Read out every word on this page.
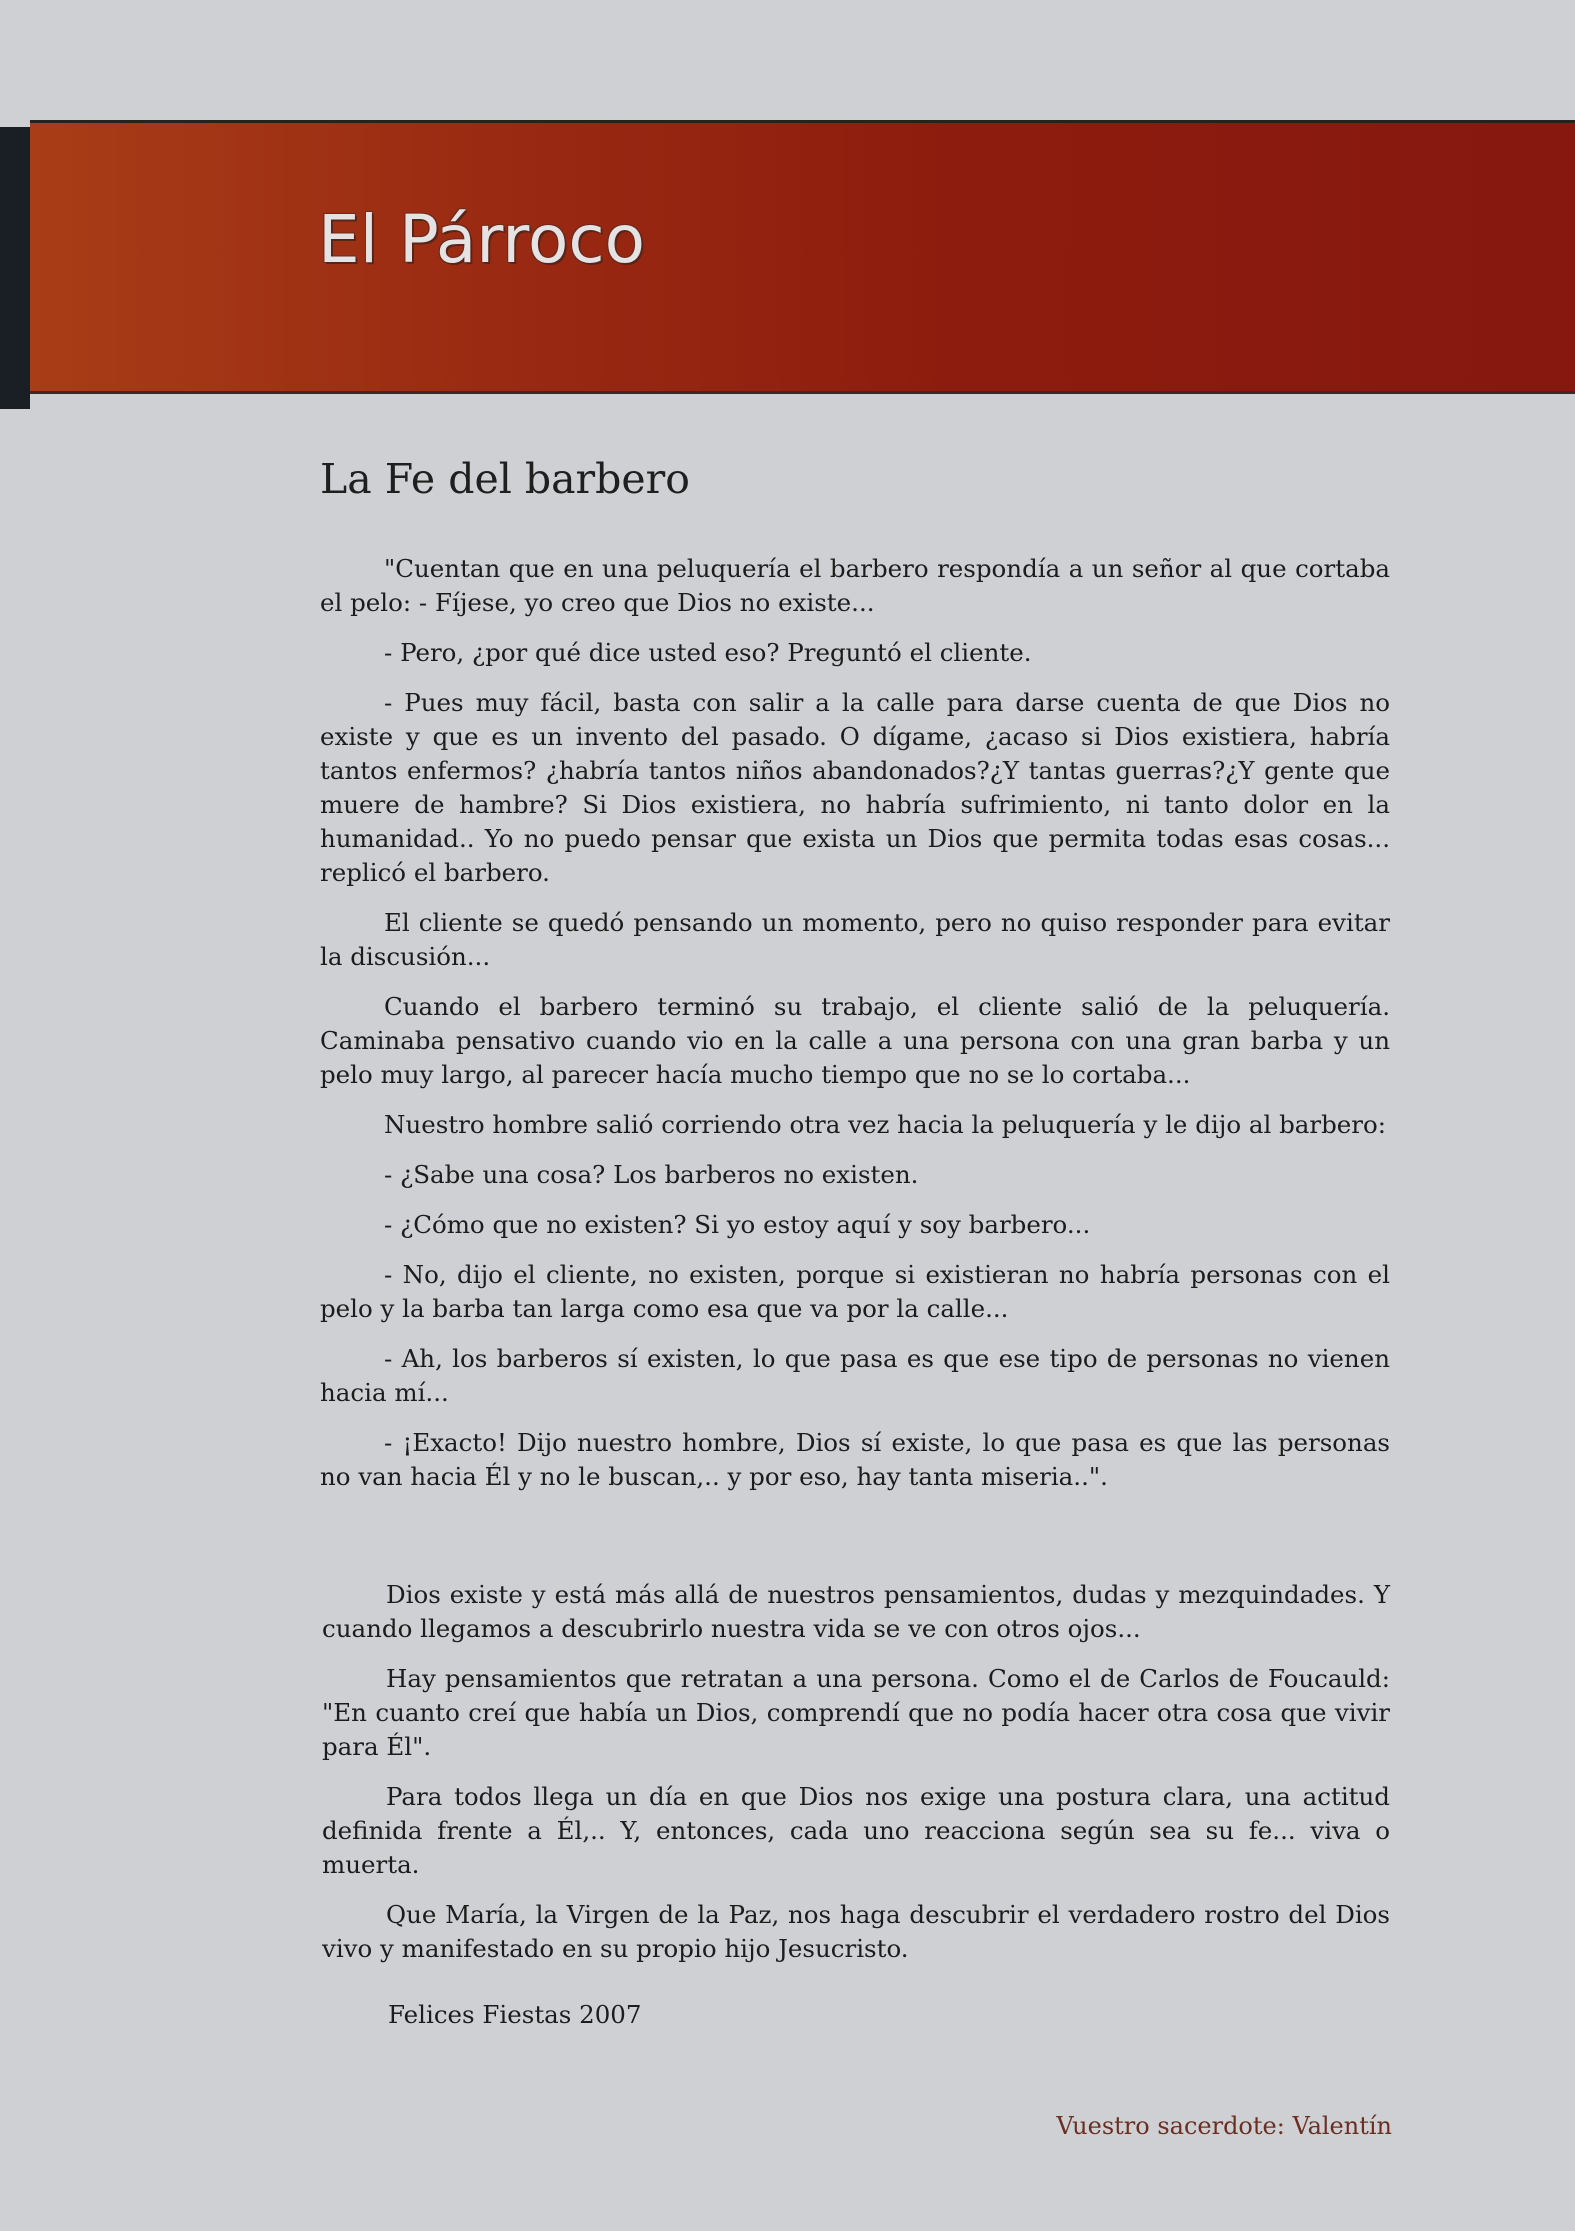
El Párroco
La Fe del barbero

"Cuentan que en una peluquería el barbero respondía a un señor al que cortaba el pelo: - Fíjese, yo creo que Dios no existe...

- Pero, ¿por qué dice usted eso? Preguntó el cliente.

- Pues muy fácil, basta con salir a la calle para darse cuenta de que Dios no existe y que es un invento del pasado. O dígame, ¿acaso si Dios existiera, habría tantos enfermos? ¿habría tantos niños abandonados?¿Y tantas guerras?¿Y gente que muere de hambre? Si Dios existiera, no habría sufrimiento, ni tanto dolor en la humanidad.. Yo no puedo pensar que exista un Dios que permita todas esas cosas... replicó el barbero.

El cliente se quedó pensando un momento, pero no quiso responder para evitar la discusión...

Cuando el barbero terminó su trabajo, el cliente salió de la peluquería. Caminaba pensativo cuando vio en la calle a una persona con una gran barba y un pelo muy largo, al parecer hacía mucho tiempo que no se lo cortaba...

Nuestro hombre salió corriendo otra vez hacia la peluquería y le dijo al barbero:

- ¿Sabe una cosa? Los barberos no existen.

- ¿Cómo que no existen? Si yo estoy aquí y soy barbero...

- No, dijo el cliente, no existen, porque si existieran no habría personas con el pelo y la barba tan larga como esa que va por la calle...

- Ah, los barberos sí existen, lo que pasa es que ese tipo de personas no vienen hacia mí...

- ¡Exacto! Dijo nuestro hombre, Dios sí existe, lo que pasa es que las personas no van hacia Él y no le buscan,.. y por eso, hay tanta miseria..".

Dios existe y está más allá de nuestros pensamientos, dudas y mezquindades. Y cuando llegamos a descubrirlo nuestra vida se ve con otros ojos...

Hay pensamientos que retratan a una persona. Como el de Carlos de Foucauld: "En cuanto creí que había un Dios, comprendí que no podía hacer otra cosa que vivir para Él".

Para todos llega un día en que Dios nos exige una postura clara, una actitud definida frente a Él,.. Y, entonces, cada uno reacciona según sea su fe... viva o muerta.

Que María, la Virgen de la Paz, nos haga descubrir el verdadero rostro del Dios vivo y manifestado en su propio hijo Jesucristo.

Felices Fiestas 2007
Vuestro sacerdote: Valentín
